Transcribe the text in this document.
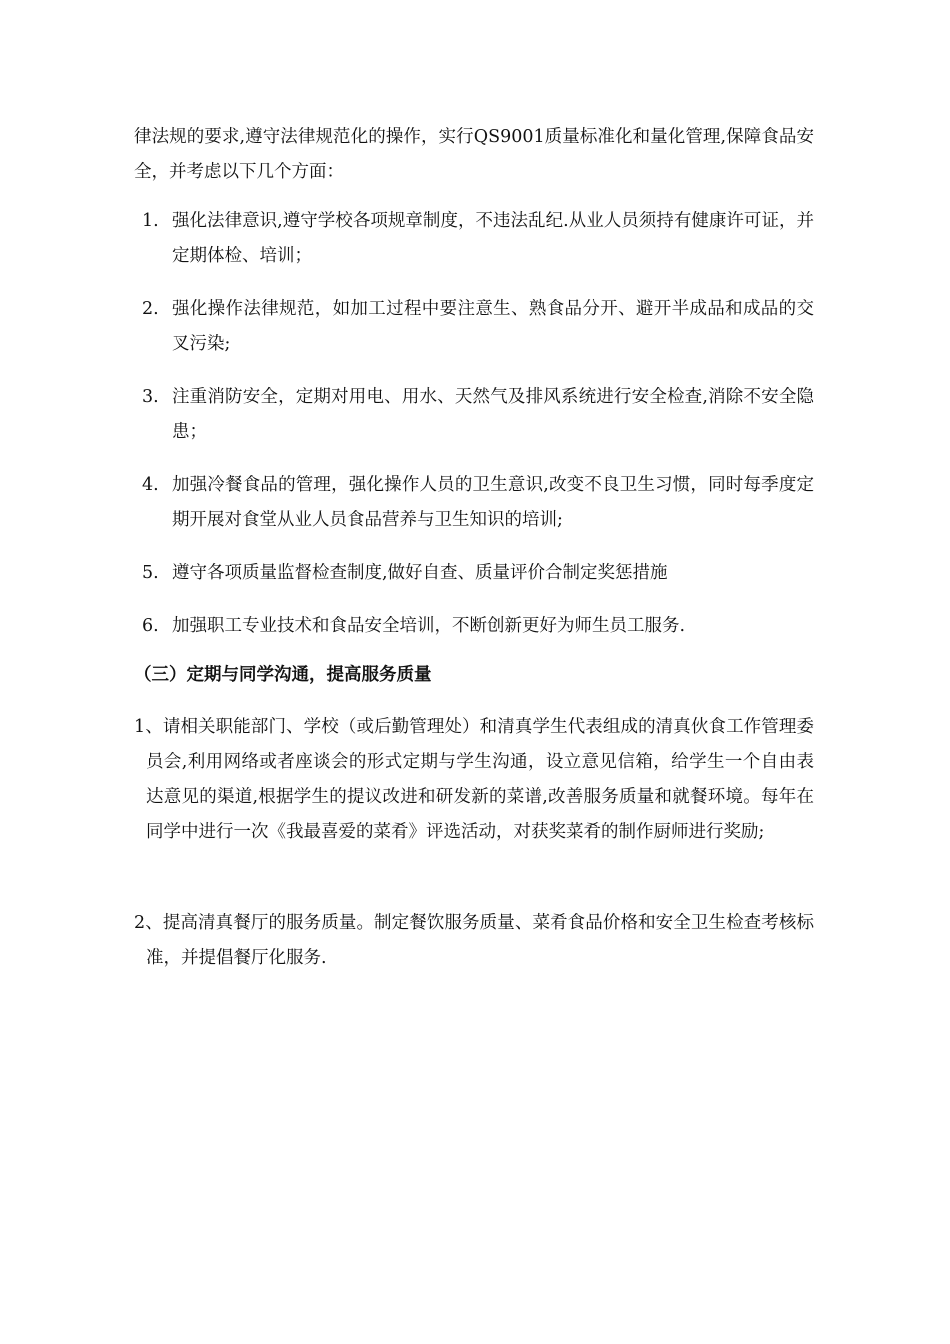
律法规的要求,遵守法律规范化的操作，实行QS9001质量标准化和量化管理,保障食品安全，并考虑以下几个方面：

1. 强化法律意识,遵守学校各项规章制度，不违法乱纪.从业人员须持有健康许可证，并定期体检、培训；
2. 强化操作法律规范，如加工过程中要注意生、熟食品分开、避开半成品和成品的交叉污染;
3. 注重消防安全，定期对用电、用水、天然气及排风系统进行安全检查,消除不安全隐患；
4. 加强冷餐食品的管理，强化操作人员的卫生意识,改变不良卫生习惯，同时每季度定期开展对食堂从业人员食品营养与卫生知识的培训;
5. 遵守各项质量监督检查制度,做好自查、质量评价合制定奖惩措施
6. 加强职工专业技术和食品安全培训，不断创新更好为师生员工服务.
（三）定期与同学沟通，提高服务质量

1、请相关职能部门、学校（或后勤管理处）和清真学生代表组成的清真伙食工作管理委员会,利用网络或者座谈会的形式定期与学生沟通，设立意见信箱，给学生一个自由表达意见的渠道,根据学生的提议改进和研发新的菜谱,改善服务质量和就餐环境。每年在同学中进行一次《我最喜爱的菜肴》评选活动，对获奖菜肴的制作厨师进行奖励;

2、提高清真餐厅的服务质量。制定餐饮服务质量、菜肴食品价格和安全卫生检查考核标准，并提倡餐厅化服务.
